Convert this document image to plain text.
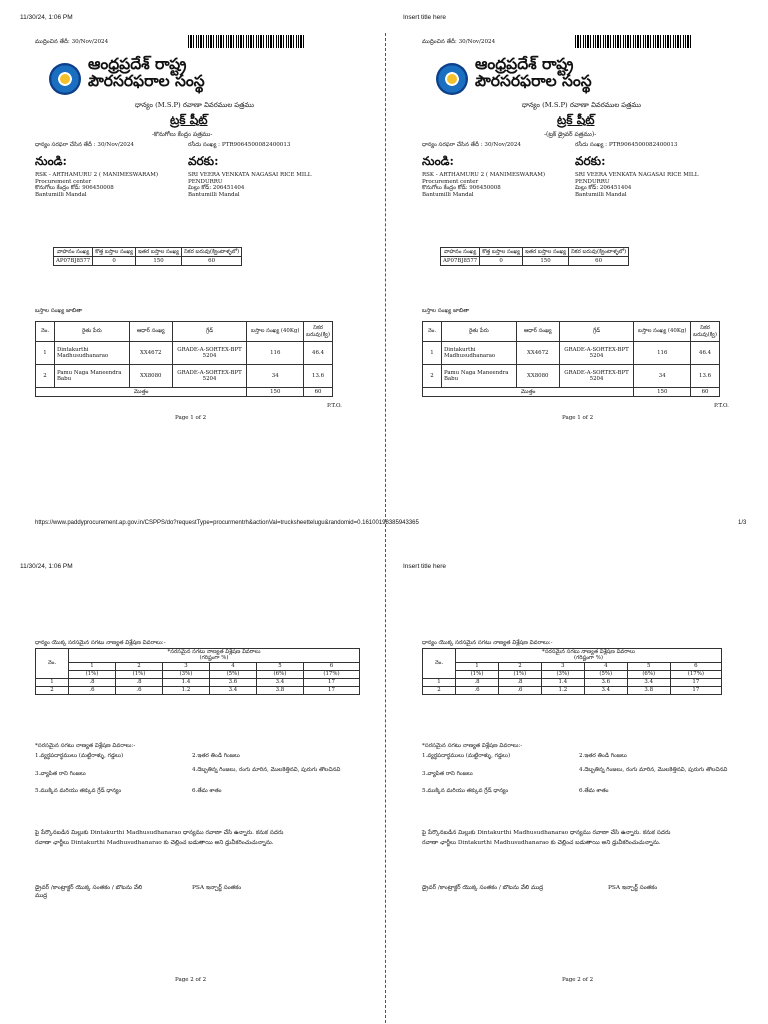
11/30/24, 1:06 PM	Insert title here
11/30/24, 1:06 PM	Insert title here
https://www.paddyprocurement.ap.gov.in/CSPPS/do?requestType=procurmentrh&actionVal=trucksheettelugu&randomid=0.16100198385943365	1/3
ముద్రించిన తేదీ: 30/Nov/2024
ఆంధ్రప్రదేశ్ రాష్ట్ర
పౌరసరఫరాల సంస్థ
ధాన్యం (M.S.P) రవాణా వివరముల పత్రము
ట్రక్ షీట్
-కొనుగోలు కేంద్రం పత్రము-
ధాన్యం సరఫరా చేసిన తేదీ : 30/Nov/2024	రసీదు సంఖ్య : PTR9064500082400013
నుండి:	వరకు:
RSK - ARTHAMURU 2 ( MANIMESWARAM)
Procurement center
కొనుగోలు కేంద్రం కోడ్: 906450008
Bantumilli Mandal
SRI VEERA VENKATA NAGASAI RICE MILL
PENDURRU
మిల్లు కోడ్: 206451404
Bantumilli Mandal
వాహనం సంఖ్య	కొత్త బస్తాల సంఖ్య	ఇతర బస్తాల సంఖ్య	నికర బరువు(క్వింటాళ్ళలో)
AP07BJ8577	0	150	60
బస్తాల సంఖ్య జాబితా
నెం.	రైతు పేరు	ఆధార్ సంఖ్య	గ్రేడ్	బస్తాల సంఖ్య (40Kg)	నికర బరువు(క్వి)
1	Dintakurthi Madhusudhanarao	XX4672	GRADE-A-SORTEX-BPT 5204	116	46.4
2	Pamu Naga Maneendra Babu	XX8080	GRADE-A-SORTEX-BPT 5204	34	13.6
మొత్తం				150	60
P.T.O.
Page 1 of 2
ముద్రించిన తేదీ: 30/Nov/2024
ఆంధ్రప్రదేశ్ రాష్ట్ర
పౌరసరఫరాల సంస్థ
ధాన్యం (M.S.P) రవాణా వివరముల పత్రము
ట్రక్ షీట్
-(ట్రక్ డ్రైవర్ పత్రము)-
ధాన్యం సరఫరా చేసిన తేదీ : 30/Nov/2024	రసీదు సంఖ్య : PTR9064500082400013
నుండి:	వరకు:
RSK - ARTHAMURU 2 ( MANIMESWARAM)
Procurement center
కొనుగోలు కేంద్రం కోడ్: 906450008
Bantumilli Mandal
SRI VEERA VENKATA NAGASAI RICE MILL
PENDURRU
మిల్లు కోడ్: 206451404
Bantumilli Mandal
వాహనం సంఖ్య	కొత్త బస్తాల సంఖ్య	ఇతర బస్తాల సంఖ్య	నికర బరువు(క్వింటాళ్ళలో)
AP07BJ8577	0	150	60
బస్తాల సంఖ్య జాబితా
నెం.	రైతు పేరు	ఆధార్ సంఖ్య	గ్రేడ్	బస్తాల సంఖ్య (40Kg)	నికర బరువు(క్వి)
1	Dintakurthi Madhusudhanarao	XX4672	GRADE-A-SORTEX-BPT 5204	116	46.4
2	Pamu Naga Maneendra Babu	XX8080	GRADE-A-SORTEX-BPT 5204	34	13.6
మొత్తం				150	60
P.T.O.
Page 1 of 2
ధాన్యం యొక్క సరసమైన సగటు నాణ్యత విశ్లేషణ వివరాలు:-
నెం.	*సరసమైన సగటు నాణ్యత విశ్లేషణ వివరాలు
(గరిష్టంగా %)					

	1	2	3	4	5	6
	(1%)	(1%)	(3%)	(5%)	(6%)	(17%)
1	.8	.8	1.4	3.6	3.4	17
2	.6	.6	1.2	3.4	3.8	17
*సరసమైన సగటు నాణ్యత విశ్లేషణ వివరాలు:-
1.వ్యర్థపదార్థములు (మట్టిరాళ్ళు, గడ్డలు)	2.ఇతర తిండి గింజలు
3.వ్యాపిత రాని గింజలు
4.దెబ్బతిన్న గింజలు, రంగు మారిన, మొలకెత్తినవి, పురుగు తొలచినవి
5.ముక్కిన మరియు తక్కువ గ్రేడ్ ధాన్యం	6.తేమ శాతం
పై పేర్కొనబడిన మిల్లుకు Dintakurthi Madhusudhanarao ధాన్యము రవాణా చేసి ఉన్నారు. కనుక సదరు
రవాణా ఛార్జీలు Dintakurthi Madhusudhanarao కు చెల్లించ బడుతాయి అని ధ్రువీకరించుచున్నాను.
డ్రైవర్ /కాంట్రాక్టర్ యొక్క సంతకం / బొటను వేలి
ముద్ర
PSA ఇన్చార్జ్ సంతకం
Page 2 of 2
ధాన్యం యొక్క సరసమైన సగటు నాణ్యత విశ్లేషణ వివరాలు:-
నెం.	*సరసమైన సగటు నాణ్యత విశ్లేషణ వివరాలు
(గరిష్టంగా %)					

	1	2	3	4	5	6
	(1%)	(1%)	(3%)	(5%)	(6%)	(17%)
1	.8	.8	1.4	3.6	3.4	17
2	.6	.6	1.2	3.4	3.8	17
*సరసమైన సగటు నాణ్యత విశ్లేషణ వివరాలు:-
1.వ్యర్థపదార్థములు (మట్టిరాళ్ళు, గడ్డలు)	2.ఇతర తిండి గింజలు
3.వ్యాపిత రాని గింజలు
4.దెబ్బతిన్న గింజలు, రంగు మారిన, మొలకెత్తినవి, పురుగు తొలచినవి
5.ముక్కిన మరియు తక్కువ గ్రేడ్ ధాన్యం	6.తేమ శాతం
పై పేర్కొనబడిన మిల్లుకు Dintakurthi Madhusudhanarao ధాన్యము రవాణా చేసి ఉన్నారు. కనుక సదరు
రవాణా ఛార్జీలు Dintakurthi Madhusudhanarao కు చెల్లించ బడుతాయి అని ధ్రువీకరించుచున్నాను.
డ్రైవర్ /కాంట్రాక్టర్ యొక్క సంతకం / బొటను వేలి ముద్ర	PSA ఇన్చార్జ్ సంతకం
Page 2 of 2
